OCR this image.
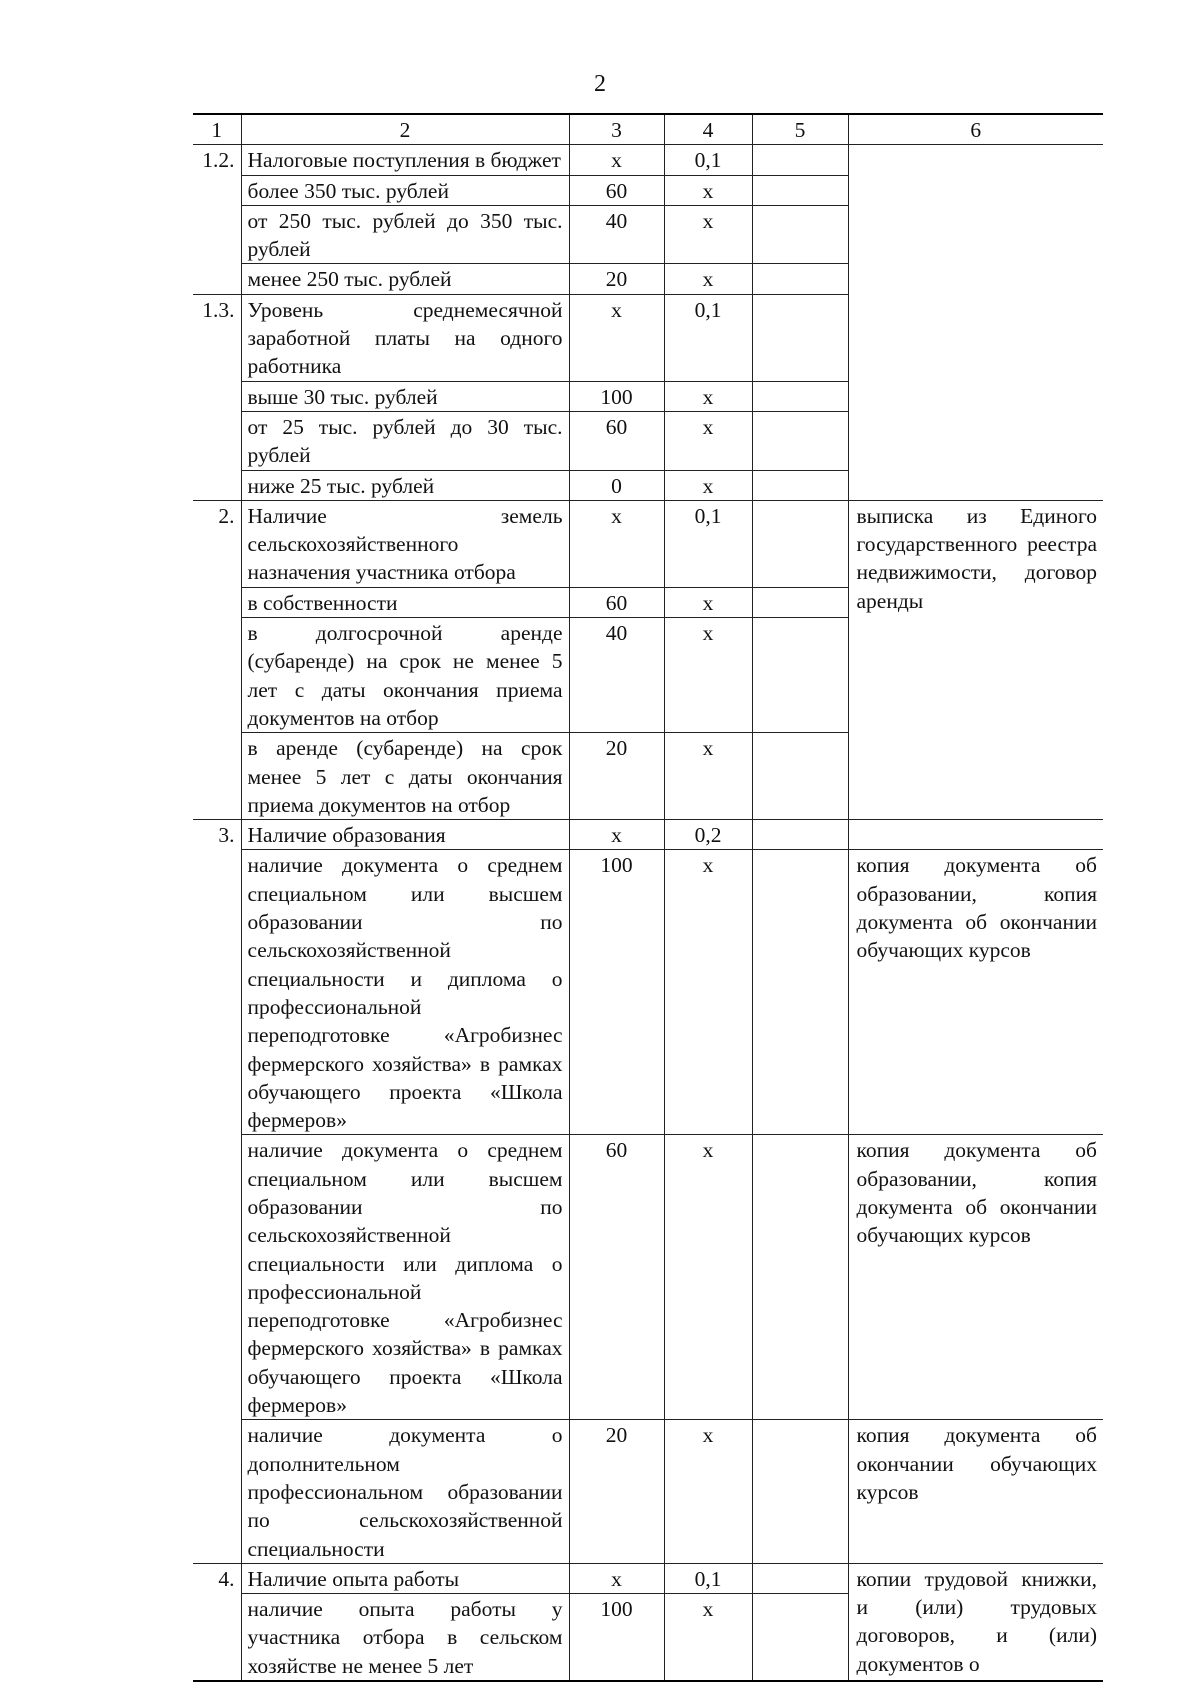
2
1	2	3	4	5	6
1.2.	Налоговые поступления в бюджет	x	0,1		
	более 350 тыс. рублей	60	x		
	от 250 тыс. рублей до 350 тыс. рублей	40	x		
	менее 250 тыс. рублей	20	x		
1.3.	Уровень среднемесячной заработной платы на одного работника	x	0,1		
	выше 30 тыс. рублей	100	x		
	от 25 тыс. рублей до 30 тыс. рублей	60	x		
	ниже 25 тыс. рублей	0	x		
2.	Наличие земель сельскохозяйственного назначения участника отбора	x	0,1		выписка из Единого государственного реестра недвижимости, договор аренды
	в собственности	60	x		
	в долгосрочной аренде (субаренде) на срок не менее 5 лет с даты окончания приема документов на отбор	40	x		
	в аренде (субаренде) на срок менее 5 лет с даты окончания приема документов на отбор	20	x		
3.	Наличие образования	x	0,2		
	наличие документа о среднем специальном или высшем образовании по сельскохозяйственной специальности и диплома о профессиональной переподготовке «Агробизнес фермерского хозяйства» в рамках обучающего проекта «Школа фермеров»	100	x		копия документа об образовании, копия документа об окончании обучающих курсов
	наличие документа о среднем специальном или высшем образовании по сельскохозяйственной специальности или диплома о профессиональной переподготовке «Агробизнес фермерского хозяйства» в рамках обучающего проекта «Школа фермеров»	60	x		копия документа об образовании, копия документа об окончании обучающих курсов
	наличие документа о дополнительном профессиональном образовании по сельскохозяйственной специальности	20	x		копия документа об окончании обучающих курсов
4.	Наличие опыта работы	x	0,1		копии трудовой книжки, и (или) трудовых договоров, и (или) документов о
	наличие опыта работы у участника отбора в сельском хозяйстве не менее 5 лет	100	x		
